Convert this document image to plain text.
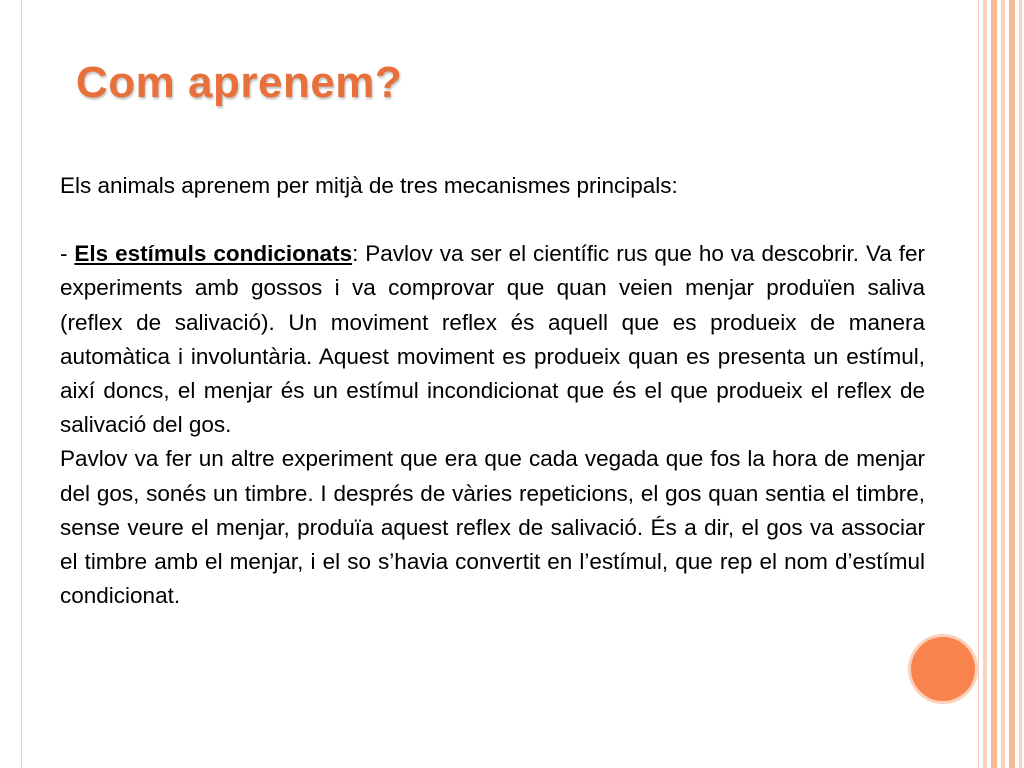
Com aprenem?

Els animals aprenem per mitjà de tres mecanismes principals:

- Els estímuls condicionats: Pavlov va ser el científic rus que ho va descobrir. Va fer experiments amb gossos i va comprovar que quan veien menjar produïen saliva (reflex de salivació). Un moviment reflex és aquell que es produeix de manera automàtica i involuntària. Aquest moviment es produeix quan es presenta un estímul, així doncs, el menjar és un estímul incondicionat que és el que produeix el reflex de salivació del gos.

Pavlov va fer un altre experiment que era que cada vegada que fos la hora de menjar del gos, sonés un timbre. I després de vàries repeticions, el gos quan sentia el timbre, sense veure el menjar, produïa aquest reflex de salivació. És a dir, el gos va associar el timbre amb el menjar, i el so s’havia convertit en l’estímul, que rep el nom d’estímul condicionat.
